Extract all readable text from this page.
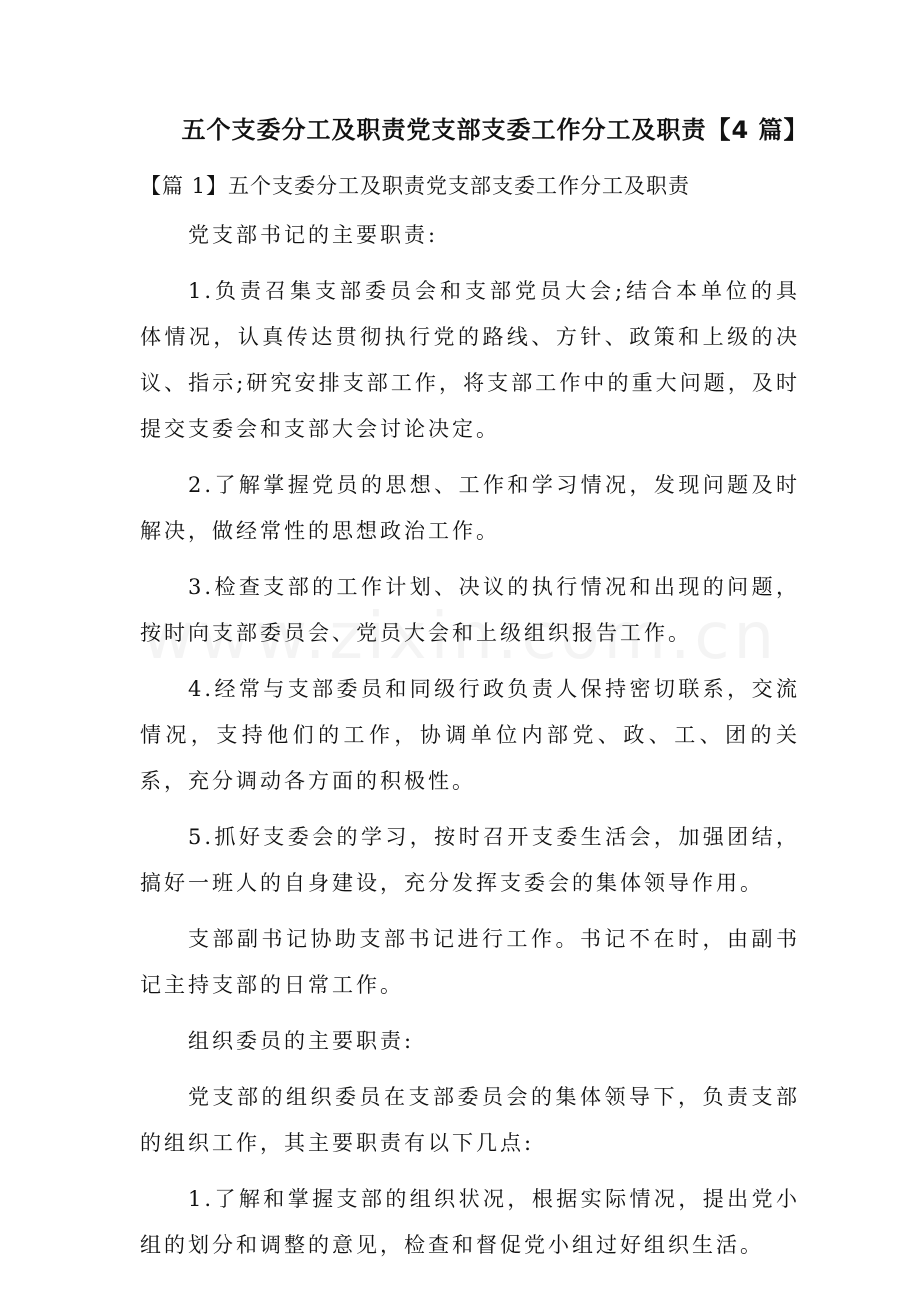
五个支委分工及职责党支部支委工作分工及职责【4 篇】
【篇 1】五个支委分工及职责党支部支委工作分工及职责

党支部书记的主要职责:

1.负责召集支部委员会和支部党员大会;结合本单位的具体情况，认真传达贯彻执行党的路线、方针、政策和上级的决议、指示;研究安排支部工作，将支部工作中的重大问题，及时提交支委会和支部大会讨论决定。

2.了解掌握党员的思想、工作和学习情况，发现问题及时解决，做经常性的思想政治工作。

3.检查支部的工作计划、决议的执行情况和出现的问题，按时向支部委员会、党员大会和上级组织报告工作。

4.经常与支部委员和同级行政负责人保持密切联系，交流情况，支持他们的工作，协调单位内部党、政、工、团的关系，充分调动各方面的积极性。

5.抓好支委会的学习，按时召开支委生活会，加强团结，搞好一班人的自身建设，充分发挥支委会的集体领导作用。

支部副书记协助支部书记进行工作。书记不在时，由副书记主持支部的日常工作。

组织委员的主要职责:

党支部的组织委员在支部委员会的集体领导下，负责支部的组织工作，其主要职责有以下几点:

1.了解和掌握支部的组织状况，根据实际情况，提出党小组的划分和调整的意见，检查和督促党小组过好组织生活。
